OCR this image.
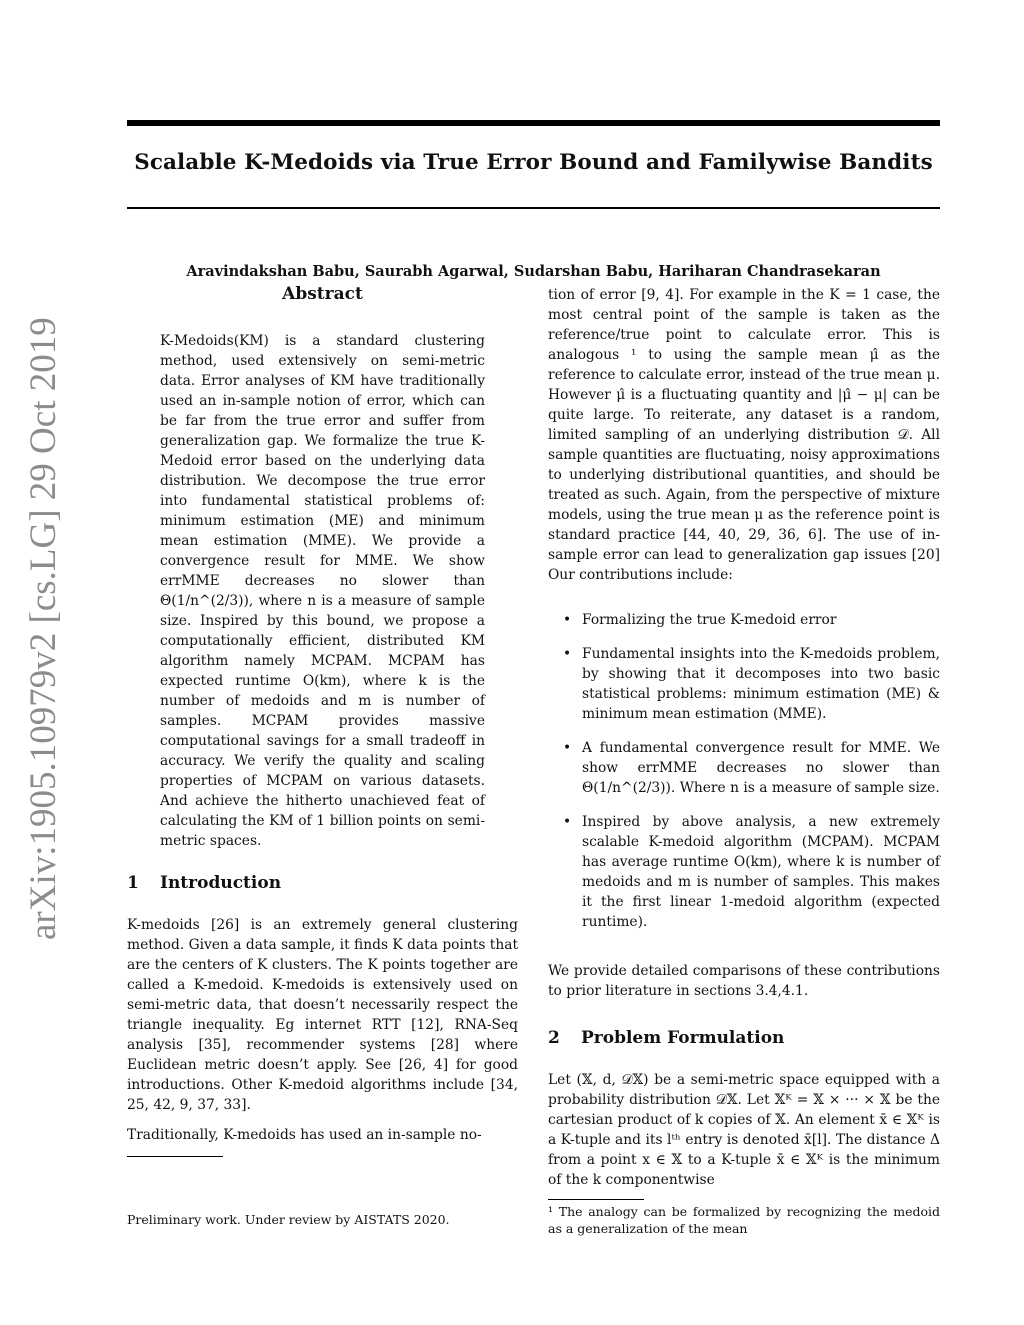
Scalable K-Medoids via True Error Bound and Familywise Bandits
Aravindakshan Babu, Saurabh Agarwal, Sudarshan Babu, Hariharan Chandrasekaran
arXiv:1905.10979v2 [cs.LG] 29 Oct 2019
Abstract

K-Medoids(KM) is a standard clustering method, used extensively on semi-metric data. Error analyses of KM have traditionally used an in-sample notion of error, which can be far from the true error and suffer from generalization gap. We formalize the true K-Medoid error based on the underlying data distribution. We decompose the true error into fundamental statistical problems of: minimum estimation (ME) and minimum mean estimation (MME). We provide a convergence result for MME. We show errMME decreases no slower than Θ(1/n^(2/3)), where n is a measure of sample size. Inspired by this bound, we propose a computationally efficient, distributed KM algorithm namely MCPAM. MCPAM has expected runtime O(km), where k is the number of medoids and m is number of samples. MCPAM provides massive computational savings for a small tradeoff in accuracy. We verify the quality and scaling properties of MCPAM on various datasets. And achieve the hitherto unachieved feat of calculating the KM of 1 billion points on semi-metric spaces.

1 Introduction

K-medoids [26] is an extremely general clustering method. Given a data sample, it finds K data points that are the centers of K clusters. The K points together are called a K-medoid. K-medoids is extensively used on semi-metric data, that doesn’t necessarily respect the triangle inequality. Eg internet RTT [12], RNA-Seq analysis [35], recommender systems [28] where Euclidean metric doesn’t apply. See [26, 4] for good introductions. Other K-medoid algorithms include [34, 25, 42, 9, 37, 33].

Traditionally, K-medoids has used an in-sample no-

Preliminary work. Under review by AISTATS 2020.

tion of error [9, 4]. For example in the K = 1 case, the most central point of the sample is taken as the reference/true point to calculate error. This is analogous ¹ to using the sample mean μ̂ as the reference to calculate error, instead of the true mean μ. However μ̂ is a fluctuating quantity and |μ̂ − μ| can be quite large. To reiterate, any dataset is a random, limited sampling of an underlying distribution 𝒟. All sample quantities are fluctuating, noisy approximations to underlying distributional quantities, and should be treated as such. Again, from the perspective of mixture models, using the true mean μ as the reference point is standard practice [44, 40, 29, 36, 6]. The use of in-sample error can lead to generalization gap issues [20] Our contributions include:

• Formalizing the true K-medoid error
• Fundamental insights into the K-medoids problem, by showing that it decomposes into two basic statistical problems: minimum estimation (ME) & minimum mean estimation (MME).
• A fundamental convergence result for MME. We show errMME decreases no slower than Θ(1/n^(2/3)). Where n is a measure of sample size.
• Inspired by above analysis, a new extremely scalable K-medoid algorithm (MCPAM). MCPAM has average runtime O(km), where k is number of medoids and m is number of samples. This makes it the first linear 1-medoid algorithm (expected runtime).

We provide detailed comparisons of these contributions to prior literature in sections 3.4,4.1.

2 Problem Formulation

Let (𝕏, d, 𝒟𝕏) be a semi-metric space equipped with a probability distribution 𝒟𝕏. Let 𝕏ᴷ = 𝕏 × ··· × 𝕏 be the cartesian product of k copies of 𝕏. An element x̄ ∈ 𝕏ᴷ is a K-tuple and its lᵗʰ entry is denoted x̄[l]. The distance Δ from a point x ∈ 𝕏 to a K-tuple x̄ ∈ 𝕏ᴷ is the minimum of the k componentwise

¹ The analogy can be formalized by recognizing the medoid as a generalization of the mean
